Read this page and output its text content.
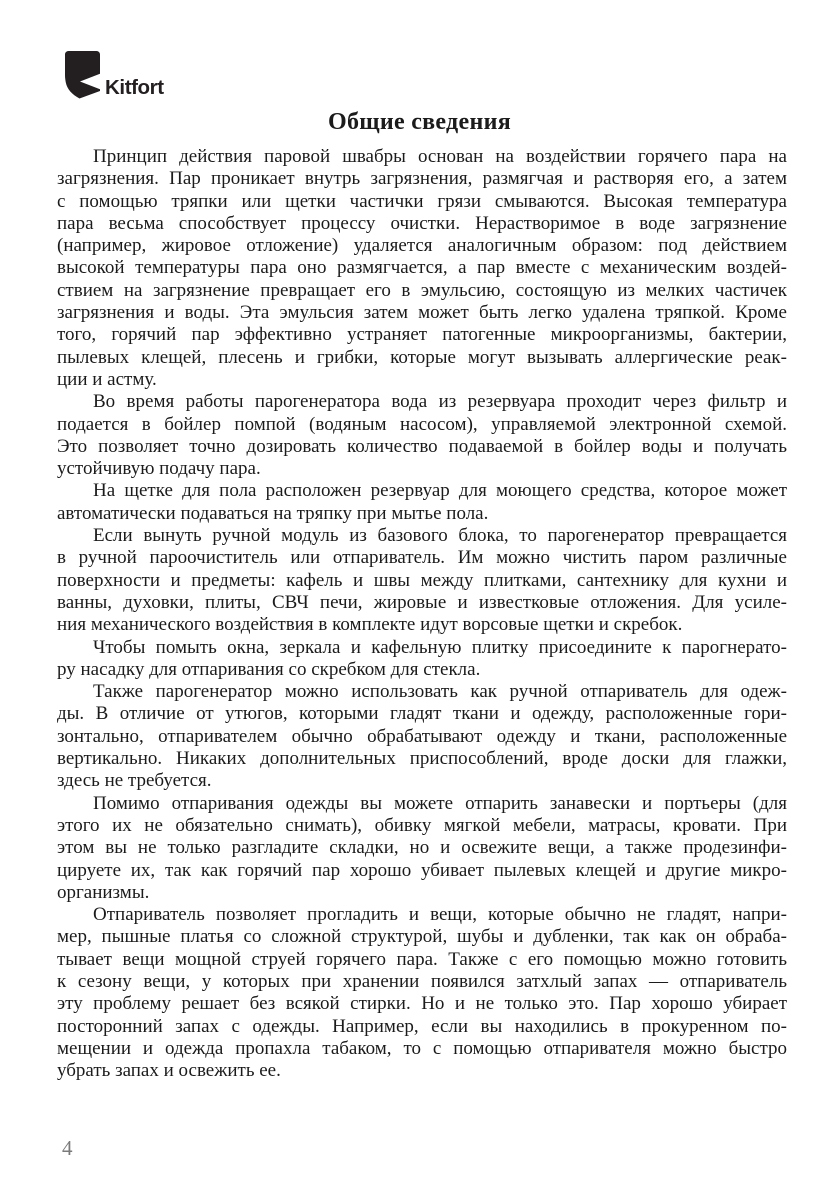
Kitfort
Общие сведения
Принцип действия паровой швабры основан на воздействии горячего пара на
загрязнения. Пар проникает внутрь загрязнения, размягчая и растворяя его, а затем
с помощью тряпки или щетки частички грязи смываются. Высокая температура
пара весьма способствует процессу очистки. Нерастворимое в воде загрязнение
(например, жировое отложение) удаляется аналогичным образом: под действием
высокой температуры пара оно размягчается, а пар вместе с механическим воздей-
ствием на загрязнение превращает его в эмульсию, состоящую из мелких частичек
загрязнения и воды. Эта эмульсия затем может быть легко удалена тряпкой. Кроме
того, горячий пар эффективно устраняет патогенные микроорганизмы, бактерии,
пылевых клещей, плесень и грибки, которые могут вызывать аллергические реак-
ции и астму.
Во время работы парогенератора вода из резервуара проходит через фильтр и
подается в бойлер помпой (водяным насосом), управляемой электронной схемой.
Это позволяет точно дозировать количество подаваемой в бойлер воды и получать
устойчивую подачу пара.
На щетке для пола расположен резервуар для моющего средства, которое может
автоматически подаваться на тряпку при мытье пола.
Если вынуть ручной модуль из базового блока, то парогенератор превращается
в ручной пароочиститель или отпариватель. Им можно чистить паром различные
поверхности и предметы: кафель и швы между плитками, сантехнику для кухни и
ванны, духовки, плиты, СВЧ печи, жировые и известковые отложения. Для усиле-
ния механического воздействия в комплекте идут ворсовые щетки и скребок.
Чтобы помыть окна, зеркала и кафельную плитку присоедините к парогнерато-
ру насадку для отпаривания со скребком для стекла.
Также парогенератор можно использовать как ручной отпариватель для одеж-
ды. В отличие от утюгов, которыми гладят ткани и одежду, расположенные гори-
зонтально, отпаривателем обычно обрабатывают одежду и ткани, расположенные
вертикально. Никаких дополнительных приспособлений, вроде доски для глажки,
здесь не требуется.
Помимо отпаривания одежды вы можете отпарить занавески и портьеры (для
этого их не обязательно снимать), обивку мягкой мебели, матрасы, кровати. При
этом вы не только разгладите складки, но и освежите вещи, а также продезинфи-
цируете их, так как горячий пар хорошо убивает пылевых клещей и другие микро-
организмы.
Отпариватель позволяет прогладить и вещи, которые обычно не гладят, напри-
мер, пышные платья со сложной структурой, шубы и дубленки, так как он обраба-
тывает вещи мощной струей горячего пара. Также с его помощью можно готовить
к сезону вещи, у которых при хранении появился затхлый запах — отпариватель
эту проблему решает без всякой стирки. Но и не только это. Пар хорошо убирает
посторонний запах с одежды. Например, если вы находились в прокуренном по-
мещении и одежда пропахла табаком, то с помощью отпаривателя можно быстро
убрать запах и освежить ее.
4
